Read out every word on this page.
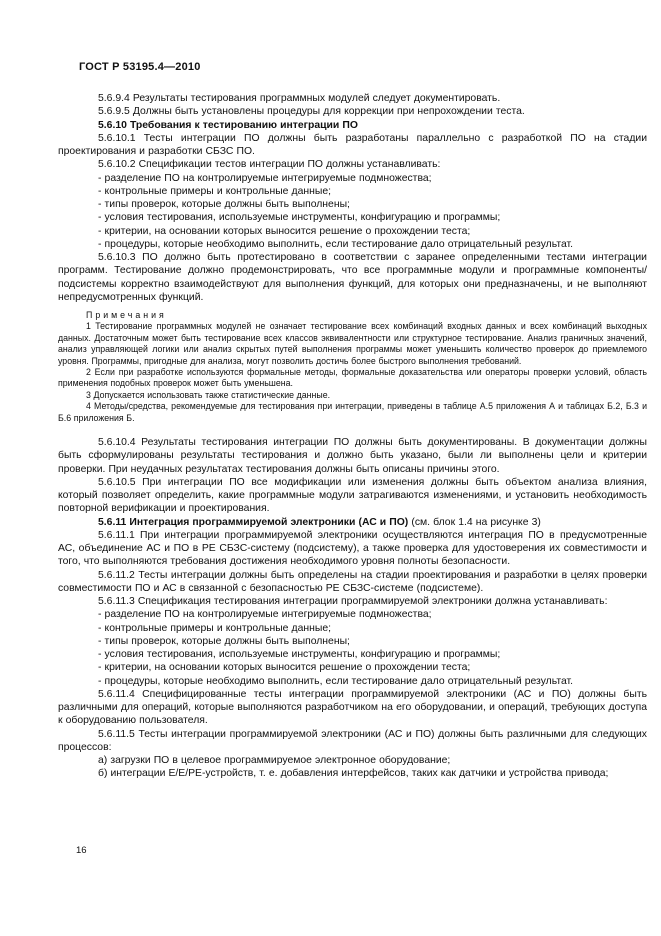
ГОСТ Р 53195.4—2010

5.6.9.4 Результаты тестирования программных модулей следует документировать.

5.6.9.5 Должны быть установлены процедуры для коррекции при непрохождении теста.

5.6.10 Требования к тестированию интеграции ПО

5.6.10.1 Тесты интеграции ПО должны быть разработаны параллельно с разработкой ПО на стадии проектирования и разработки СБЗС ПО.

5.6.10.2 Спецификации тестов интеграции ПО должны устанавливать:

- разделение ПО на контролируемые интегрируемые подмножества;

- контрольные примеры и контрольные данные;

- типы проверок, которые должны быть выполнены;

- условия тестирования, используемые инструменты, конфигурацию и программы;

- критерии, на основании которых выносится решение о прохождении теста;

- процедуры, которые необходимо выполнить, если тестирование дало отрицательный результат.

5.6.10.3 ПО должно быть протестировано в соответствии с заранее определенными тестами интеграции программ. Тестирование должно продемонстрировать, что все программные модули и программные компоненты/подсистемы корректно взаимодействуют для выполнения функций, для которых они предназначены, и не выполняют непредусмотренных функций.

Примечания

1 Тестирование программных модулей не означает тестирование всех комбинаций входных данных и всех комбинаций выходных данных. Достаточным может быть тестирование всех классов эквивалентности или структурное тестирование. Анализ граничных значений, анализ управляющей логики или анализ скрытых путей выполнения программы может уменьшить количество проверок до приемлемого уровня. Программы, пригодные для анализа, могут позволить достичь более быстрого выполнения требований.

2 Если при разработке используются формальные методы, формальные доказательства или операторы проверки условий, область применения подобных проверок может быть уменьшена.

3 Допускается использовать также статистические данные.

4 Методы/средства, рекомендуемые для тестирования при интеграции, приведены в таблице А.5 приложения А и таблицах Б.2, Б.3 и Б.6 приложения Б.

5.6.10.4 Результаты тестирования интеграции ПО должны быть документированы. В документации должны быть сформулированы результаты тестирования и должно быть указано, были ли выполнены цели и критерии проверки. При неудачных результатах тестирования должны быть описаны причины этого.

5.6.10.5 При интеграции ПО все модификации или изменения должны быть объектом анализа влияния, который позволяет определить, какие программные модули затрагиваются изменениями, и установить необходимость повторной верификации и проектирования.

5.6.11 Интеграция программируемой электроники (АС и ПО) (см. блок 1.4 на рисунке 3)

5.6.11.1 При интеграции программируемой электроники осуществляются интеграция ПО в предусмотренные АС, объединение АС и ПО в РЕ СБЗС-систему (подсистему), а также проверка для удостоверения их совместимости и того, что выполняются требования достижения необходимого уровня полноты безопасности.

5.6.11.2 Тесты интеграции должны быть определены на стадии проектирования и разработки в целях проверки совместимости ПО и АС в связанной с безопасностью РЕ СБЗС-системе (подсистеме).

5.6.11.3 Спецификация тестирования интеграции программируемой электроники должна устанавливать:

- разделение ПО на контролируемые интегрируемые подмножества;

- контрольные примеры и контрольные данные;

- типы проверок, которые должны быть выполнены;

- условия тестирования, используемые инструменты, конфигурацию и программы;

- критерии, на основании которых выносится решение о прохождении теста;

- процедуры, которые необходимо выполнить, если тестирование дало отрицательный результат.

5.6.11.4 Специфицированные тесты интеграции программируемой электроники (АС и ПО) должны быть различными для операций, которые выполняются разработчиком на его оборудовании, и операций, требующих доступа к оборудованию пользователя.

5.6.11.5 Тесты интеграции программируемой электроники (АС и ПО) должны быть различными для следующих процессов:

а) загрузки ПО в целевое программируемое электронное оборудование;

б) интеграции Е/Е/РЕ-устройств, т. е. добавления интерфейсов, таких как датчики и устройства привода;

16
